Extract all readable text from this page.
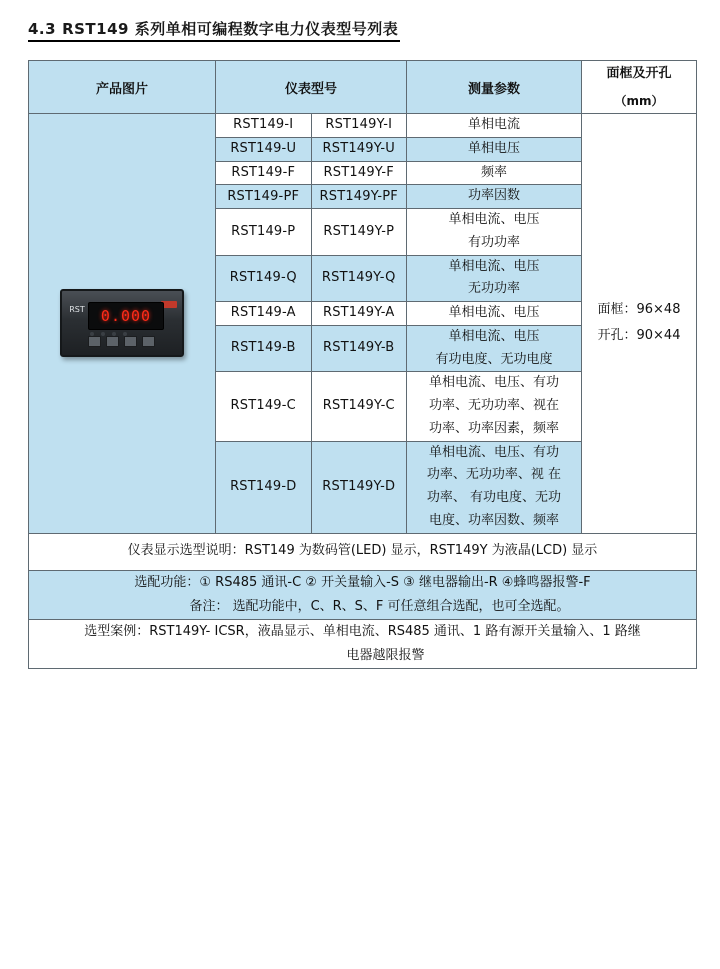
4.3 RST149 系列单相可编程数字电力仪表型号列表
产品图片	仪表型号		测量参数	面框及开孔
（mm）

RST 0.000
	RST149-Ⅰ	RST149Y-Ⅰ	单相电流	
面框：96×48
开孔：90×44

	RST149-U	RST149Y-U	单相电压	
	RST149-F	RST149Y-F	频率	
	RST149-PF	RST149Y-PF	功率因数	
	RST149-P	RST149Y-P	单相电流、电压
有功功率	

	RST149-Q	RST149Y-Q	单相电流、电压
无功功率	

	RST149-A	RST149Y-A	单相电流、电压	
	RST149-B	RST149Y-B	单相电流、电压
有功电度、无功电度	

	RST149-C	RST149Y-C	单相电流、电压、有功
功率、无功功率、视在
功率、功率因素，频率	

	RST149-D	RST149Y-D	单相电流、电压、有功
功率、无功功率、视 在
功率、 有功电度、无功
电度、功率因数、频率	

仪表显示选型说明：RST149 为数码管(LED) 显示，RST149Y 为液晶(LCD) 显示				

选配功能：① RS485 通讯-C ② 开关量输入-S ③ 继电器输出-R ④蜂鸣器报警-F
备注： 选配功能中，C、R、S、F 可任意组合选配，也可全选配。				

选型案例：RST149Y- ICSR，液晶显示、单相电流、RS485 通讯、1 路有源开关量输入、1 路继
电器越限报警				
